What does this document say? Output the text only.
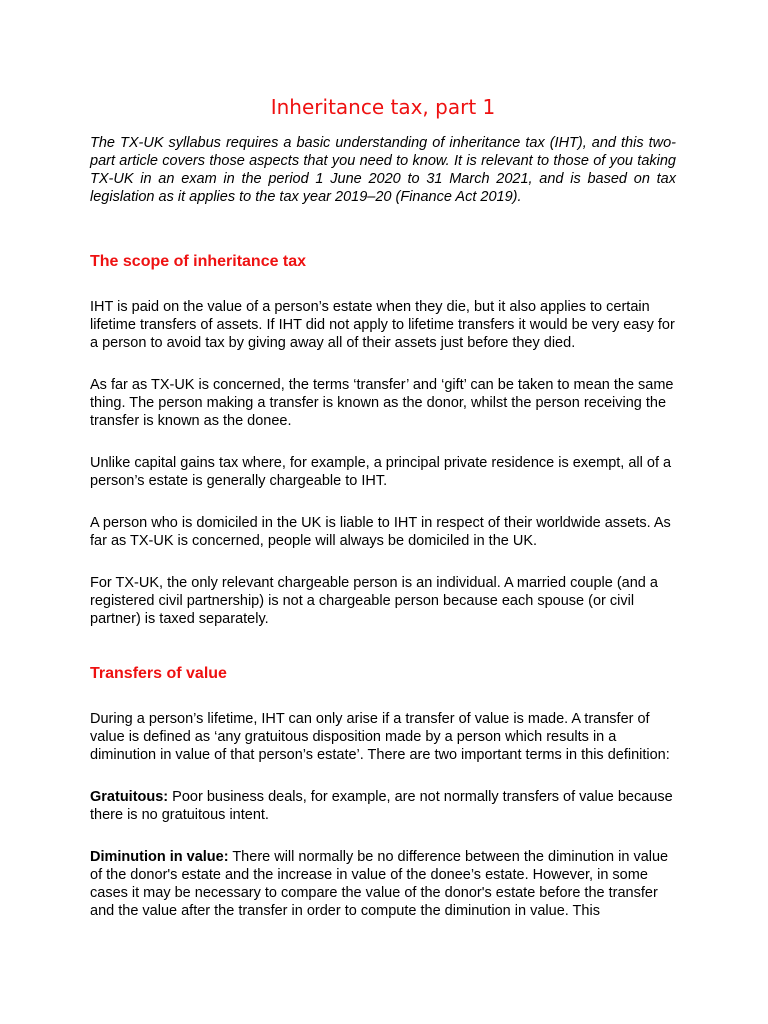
Inheritance tax, part 1

The TX-UK syllabus requires a basic understanding of inheritance tax (IHT), and this two-part article covers those aspects that you need to know. It is relevant to those of you taking TX-UK in an exam in the period 1 June 2020 to 31 March 2021, and is based on tax legislation as it applies to the tax year 2019–20 (Finance Act 2019).

The scope of inheritance tax

IHT is paid on the value of a person’s estate when they die, but it also applies to certain lifetime transfers of assets. If IHT did not apply to lifetime transfers it would be very easy for a person to avoid tax by giving away all of their assets just before they died.

As far as TX-UK is concerned, the terms ‘transfer’ and ‘gift’ can be taken to mean the same thing. The person making a transfer is known as the donor, whilst the person receiving the transfer is known as the donee.

Unlike capital gains tax where, for example, a principal private residence is exempt, all of a person’s estate is generally chargeable to IHT.

A person who is domiciled in the UK is liable to IHT in respect of their worldwide assets. As far as TX-UK is concerned, people will always be domiciled in the UK.

For TX-UK, the only relevant chargeable person is an individual. A married couple (and a registered civil partnership) is not a chargeable person because each spouse (or civil partner) is taxed separately.

Transfers of value

During a person’s lifetime, IHT can only arise if a transfer of value is made. A transfer of value is defined as ‘any gratuitous disposition made by a person which results in a diminution in value of that person’s estate’. There are two important terms in this definition:

Gratuitous: Poor business deals, for example, are not normally transfers of value because there is no gratuitous intent.

Diminution in value: There will normally be no difference between the diminution in value of the donor's estate and the increase in value of the donee’s estate. However, in some cases it may be necessary to compare the value of the donor's estate before the transfer and the value after the transfer in order to compute the diminution in value. This
